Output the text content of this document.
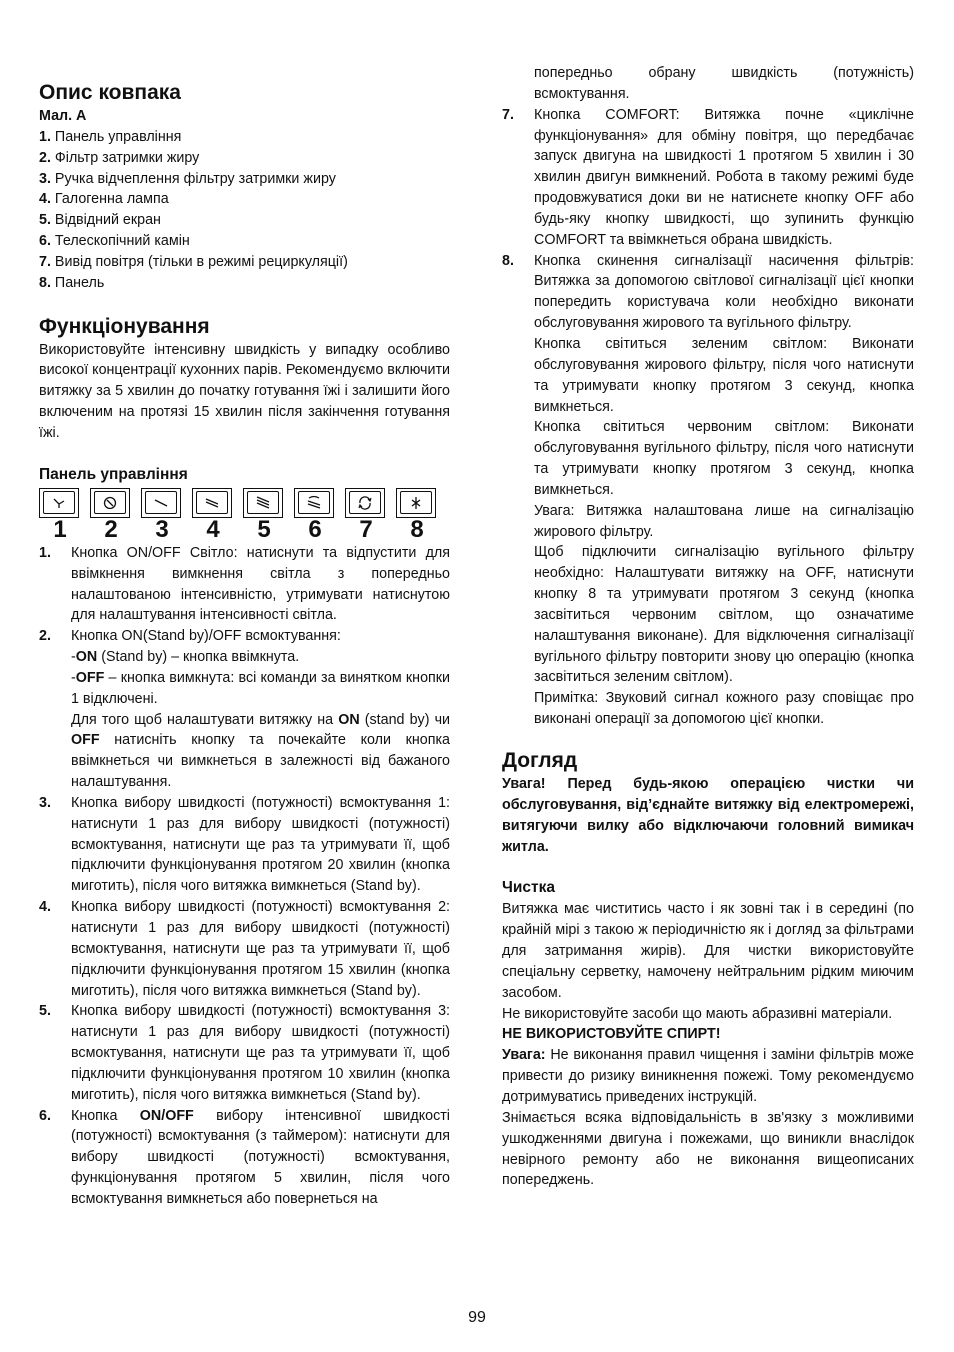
Опис ковпака
Мал. A
1. Панель управління
2. Фільтр затримки жиру
3. Ручка відчеплення фільтру затримки жиру
4. Галогенна лампа
5. Відвідний екран
6. Телескопічний камін
7. Вивід повітря (тільки в режимі рециркуляції)
8. Панель
Функціонування

Використовуйте інтенсивну швидкість у випадку особливо високої концентрації кухонних парів. Рекомендуємо включити витяжку за 5 хвилин до початку готування їжі і залишити його включеним на протязі 15 хвилин після закінчення готування їжі.

Панель управління
1	2	3	4	5	6	7	8
1.	Кнопка ON/OFF Світло: натиснути та відпустити для ввімкнення вимкнення світла з попередньо налаштованою інтенсивністю, утримувати натиснутою для налаштування інтенсивності світла.
2.	Кнопка ON(Stand by)/OFF всмоктування:
-ON (Stand by) – кнопка ввімкнута.
-OFF – кнопка вимкнута: всі команди за винятком кнопки 1 відключені.
Для того щоб налаштувати витяжку на ON (stand by) чи OFF натисніть кнопку та почекайте коли кнопка ввімкнеться чи вимкнеться в залежності від бажаного налаштування.
3.	Кнопка вибору швидкості (потужності) всмоктування 1: натиснути 1 раз для вибору швидкості (потужності) всмоктування, натиснути ще раз та утримувати її, щоб підключити функціонування протягом 20 хвилин (кнопка миготить), після чого витяжка вимкнеться (Stand by).
4.	Кнопка вибору швидкості (потужності) всмоктування 2: натиснути 1 раз для вибору швидкості (потужності) всмоктування, натиснути ще раз та утримувати її, щоб підключити функціонування протягом 15 хвилин (кнопка миготить), після чого витяжка вимкнеться (Stand by).
5.	Кнопка вибору швидкості (потужності) всмоктування 3: натиснути 1 раз для вибору швидкості (потужності) всмоктування, натиснути ще раз та утримувати її, щоб підключити функціонування протягом 10 хвилин (кнопка миготить), після чого витяжка вимкнеться (Stand by).
6.	Кнопка ON/OFF вибору інтенсивної швидкості (потужності) всмоктування (з таймером): натиснути для вибору швидкості (потужності) всмоктування, функціонування протягом 5 хвилин, після чого всмоктування вимкнеться або повернеться на
попередньо обрану швидкість (потужність) всмоктування.
7.	Кнопка COMFORT: Витяжка почне «циклічне функціонування» для обміну повітря, що передбачає запуск двигуна на швидкості 1 протягом 5 хвилин і 30 хвилин двигун вимкнений. Робота в такому режимі буде продовжуватися доки ви не натиснете кнопку OFF або будь-яку кнопку швидкості, що зупинить функцію COMFORT та ввімкнеться обрана швидкість.
8.	Кнопка скинення сигналізації насичення фільтрів: Витяжка за допомогою світлової сигналізації цієї кнопки попередить користувача коли необхідно виконати обслуговування жирового та вугільного фільтру.

Кнопка світиться зеленим світлом: Виконати обслуговування жирового фільтру, після чого натиснути та утримувати кнопку протягом 3 секунд, кнопка вимкнеться.

Кнопка світиться червоним світлом: Виконати обслуговування вугільного фільтру, після чого натиснути та утримувати кнопку протягом 3 секунд, кнопка вимкнеться.

Увага: Витяжка налаштована лише на сигналізацію жирового фільтру.

Щоб підключити сигналізацію вугільного фільтру необхідно: Налаштувати витяжку на OFF, натиснути кнопку 8 та утримувати протягом 3 секунд (кнопка засвітиться червоним світлом, що означатиме налаштування виконане). Для відключення сигналізації вугільного фільтру повторити знову цю операцію (кнопка засвітиться зеленим світлом).

Примітка: Звуковий сигнал кожного разу сповіщає про виконані операції за допомогою цієї кнопки.

Догляд

Увага! Перед будь-якою операцією чистки чи обслуговування, від’єднайте витяжку від електромережі, витягуючи вилку або відключаючи головний вимикач житла.

Чистка

Витяжка має чиститись часто і як зовні так і в середині (по крайній мірі з такою ж періодичністю як і догляд за фільтрами для затримання жирів). Для чистки використовуйте спеціальну серветку, намочену нейтральним рідким миючим засобом.

Не використовуйте засоби що мають абразивні матеріали.

НЕ ВИКОРИСТОВУЙТЕ СПИРТ!

Увага: Не виконання правил чищення і заміни фільтрів може привести до ризику виникнення пожежі. Тому рекомендуємо дотримуватись приведених інструкцій.

Знімається всяка відповідальність в зв'язку з можливими ушкодженнями двигуна і пожежами, що виникли внаслідок невірного ремонту або не виконання вищеописаних попереджень.

99
